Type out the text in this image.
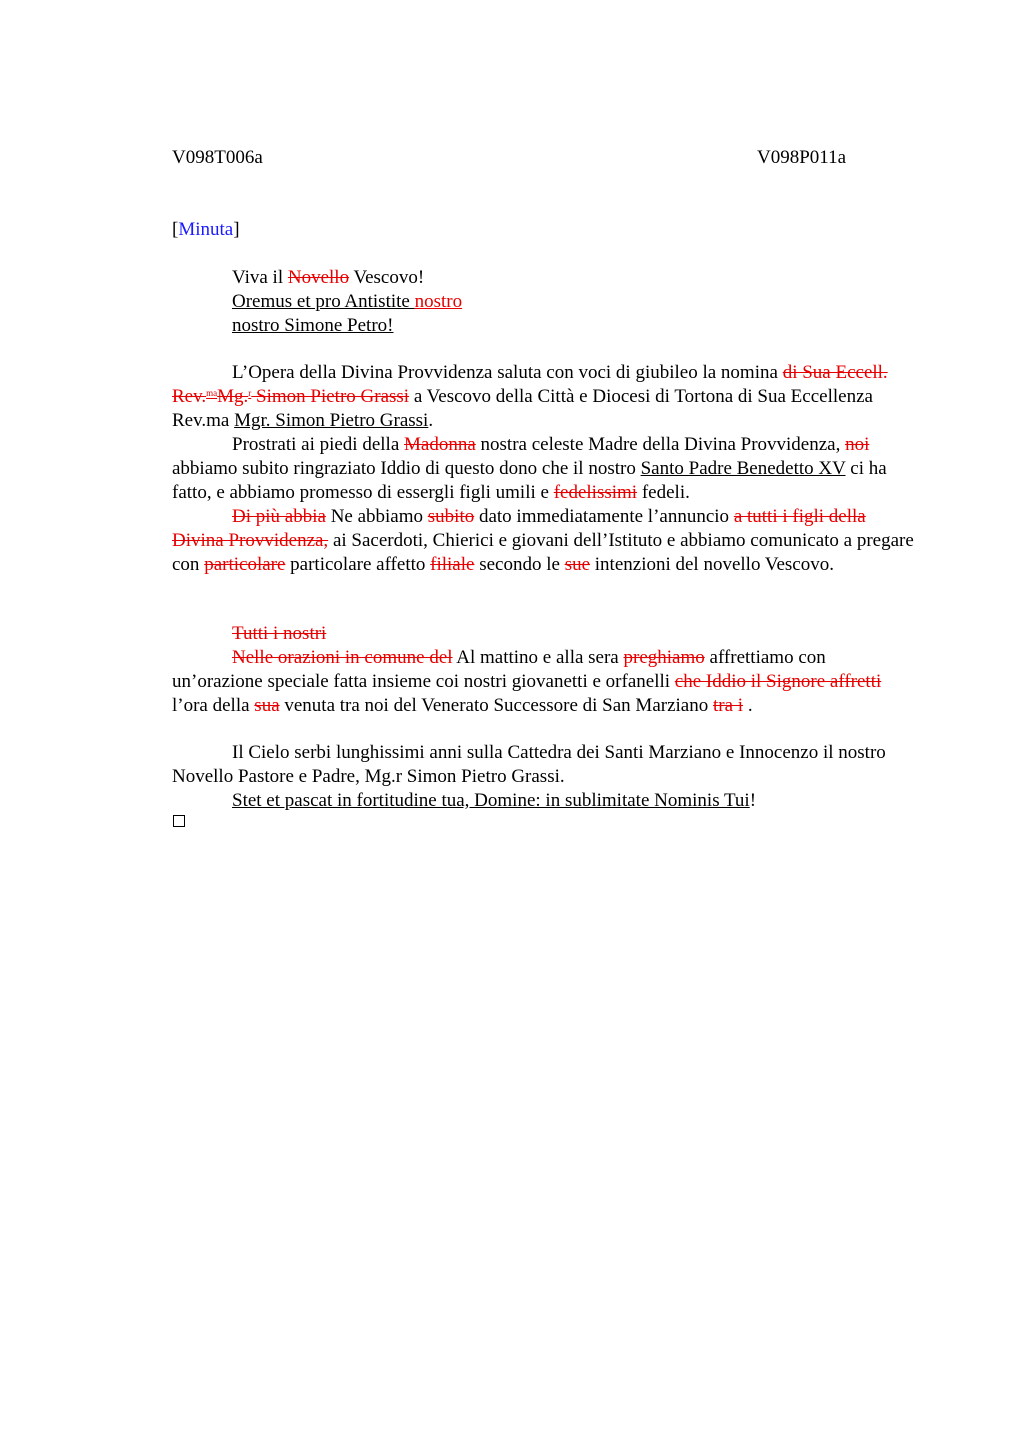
V098T006a	V098P011a
[Minuta]
Viva il Novello Vescovo!
Oremus et pro Antistite nostro
nostro Simone Petro!
L’Opera della Divina Provvidenza saluta con voci di giubileo la nomina di Sua Eccell. Rev.$^{ma}$Mg.$^r$ Simon Pietro Grassi a Vescovo della Città e Diocesi di Tortona di Sua Eccellenza Rev.ma Mgr. Simon Pietro Grassi.
Prostrati ai piedi della Madonna nostra celeste Madre della Divina Provvidenza, noi abbiamo subito ringraziato Iddio di questo dono che il nostro Santo Padre Benedetto XV ci ha fatto, e abbiamo promesso di essergli figli umili e fedelissimi fedeli.
Di più abbia Ne abbiamo subito dato immediatamente l’annuncio a tutti i figli della Divina Provvidenza, ai Sacerdoti, Chierici e giovani dell’Istituto e abbiamo comunicato a pregare con particolare particolare affetto filiale secondo le sue intenzioni del novello Vescovo.
Tutti i nostri
Nelle orazioni in comune del Al mattino e alla sera preghiamo affrettiamo con un’orazione speciale fatta insieme coi nostri giovanetti e orfanelli che Iddio il Signore affretti l’ora della sua venuta tra noi del Venerato Successore di San Marziano tra i .
Il Cielo serbi lunghissimi anni sulla Cattedra dei Santi Marziano e Innocenzo il nostro Novello Pastore e Padre, Mg.r Simon Pietro Grassi.
Stet et pascat in fortitudine tua, Domine: in sublimitate Nominis Tui!
